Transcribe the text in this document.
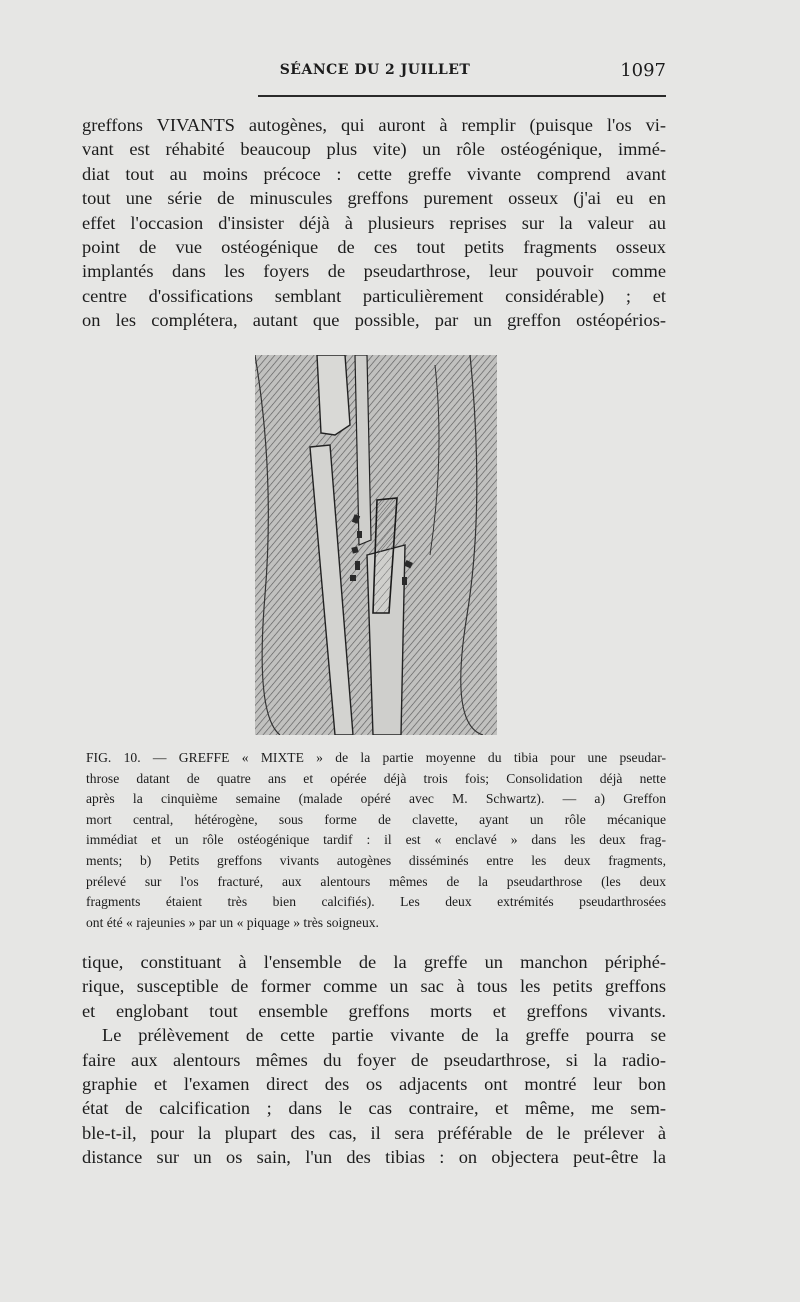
SÉANCE DU 2 JUILLET	1097
greffons VIVANTS autogènes, qui auront à remplir (puisque l'os vi-
vant est réhabité beaucoup plus vite) un rôle ostéogénique, immé-
diat tout au moins précoce : cette greffe vivante comprend avant
tout une série de minuscules greffons purement osseux (j'ai eu en
effet l'occasion d'insister déjà à plusieurs reprises sur la valeur au
point de vue ostéogénique de ces tout petits fragments osseux
implantés dans les foyers de pseudarthrose, leur pouvoir comme
centre d'ossifications semblant particulièrement considérable) ; et
on les complétera, autant que possible, par un greffon ostéopérios-
FIG. 10. — GREFFE « MIXTE » de la partie moyenne du tibia pour une pseudar-
throse datant de quatre ans et opérée déjà trois fois; Consolidation déjà nette
après la cinquième semaine (malade opéré avec M. Schwartz). — a) Greffon
mort central, hétérogène, sous forme de clavette, ayant un rôle mécanique
immédiat et un rôle ostéogénique tardif : il est « enclavé » dans les deux frag-
ments; b) Petits greffons vivants autogènes disséminés entre les deux fragments,
prélevé sur l'os fracturé, aux alentours mêmes de la pseudarthrose (les deux
fragments étaient très bien calcifiés). Les deux extrémités pseudarthrosées
ont été « rajeunies » par un « piquage » très soigneux.
tique, constituant à l'ensemble de la greffe un manchon périphé-
rique, susceptible de former comme un sac à tous les petits greffons
et englobant tout ensemble greffons morts et greffons vivants.
Le prélèvement de cette partie vivante de la greffe pourra se
faire aux alentours mêmes du foyer de pseudarthrose, si la radio-
graphie et l'examen direct des os adjacents ont montré leur bon
état de calcification ; dans le cas contraire, et même, me sem-
ble-t-il, pour la plupart des cas, il sera préférable de le prélever à
distance sur un os sain, l'un des tibias : on objectera peut-être la
